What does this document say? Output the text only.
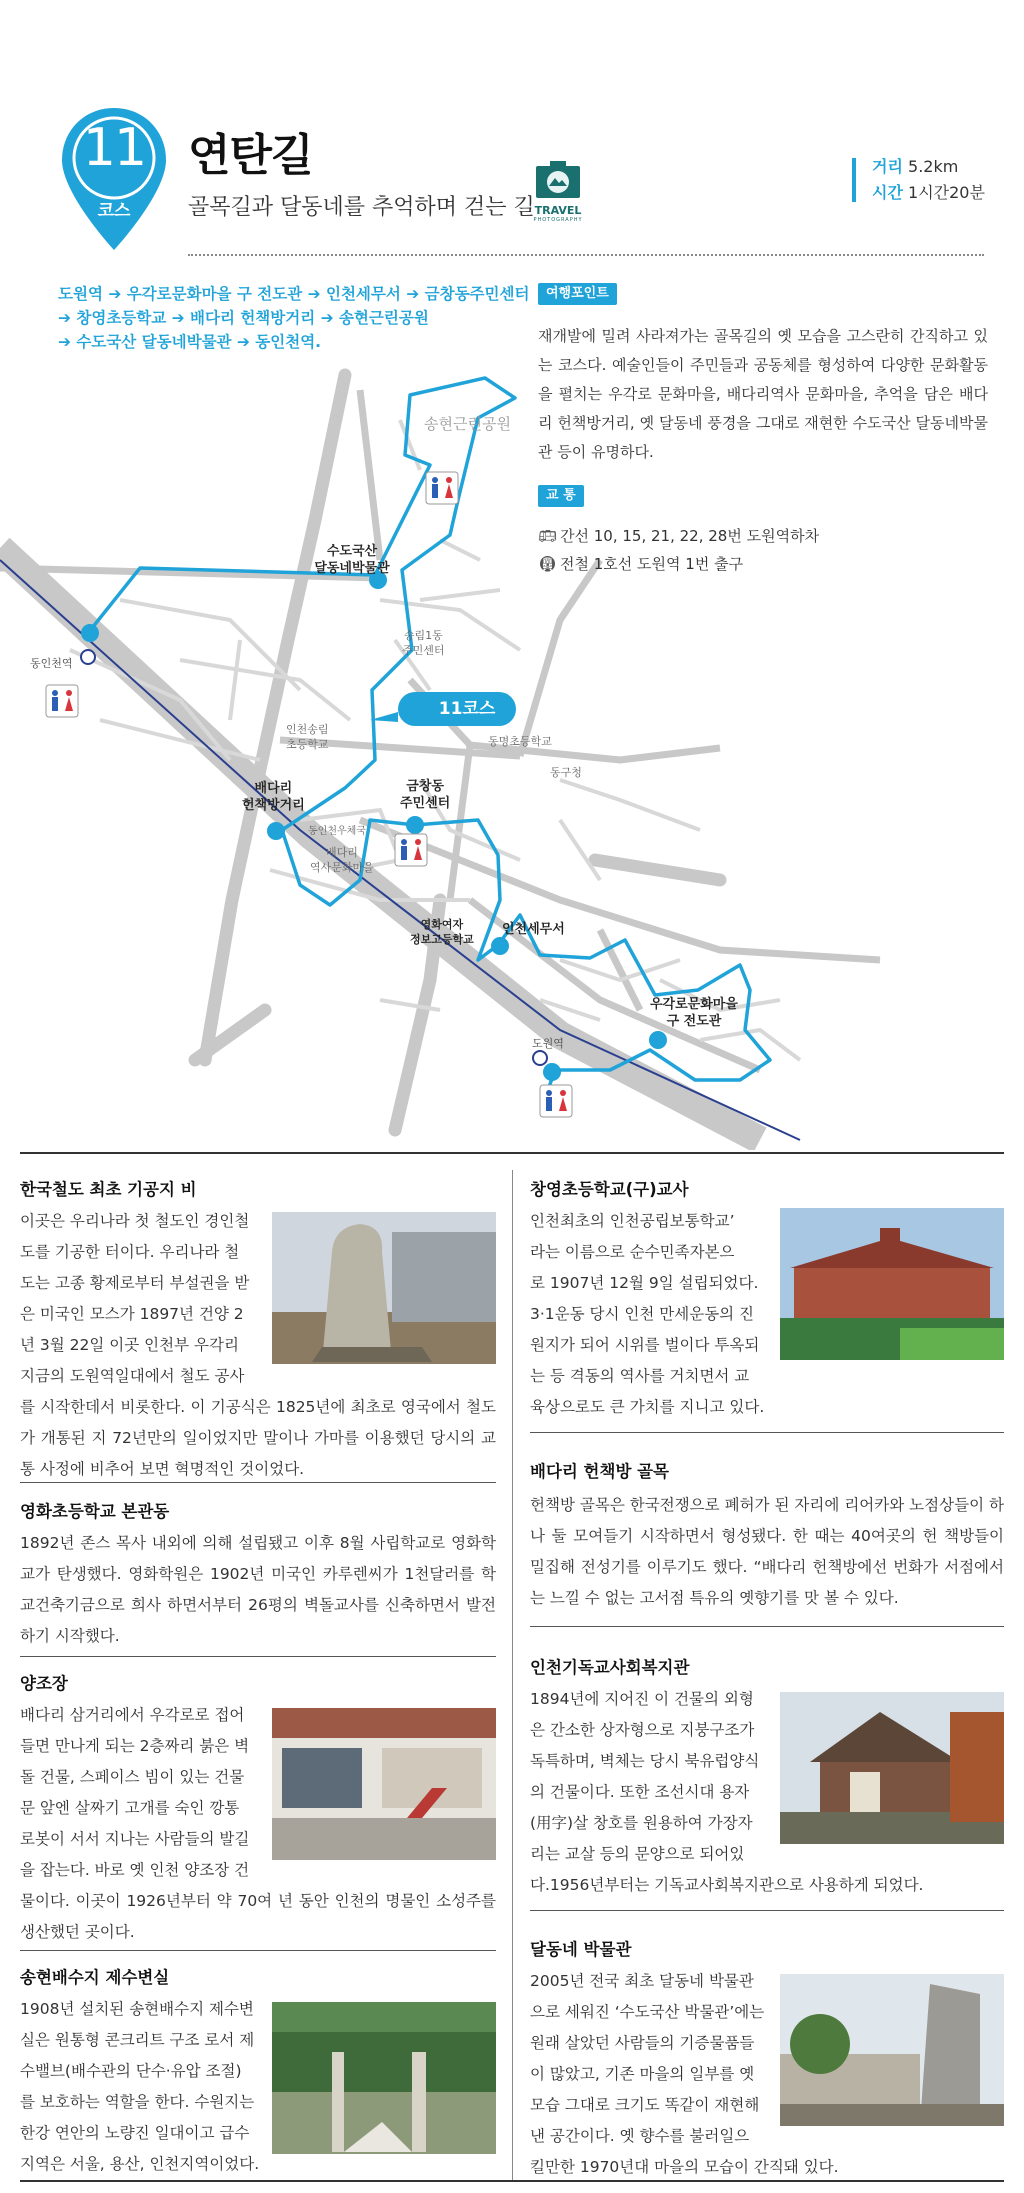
11
코스
연탄길
골목길과 달동네를 추억하며 걷는 길 TRAVEL
PHOTOGRAPHY
거리 5.2km
시간 1시간20분
도원역 ➔ 우각로문화마을 구 전도관 ➔ 인천세무서 ➔ 금창동주민센터
➔ 창영초등학교 ➔ 배다리 헌책방거리 ➔ 송현근린공원
➔ 수도국산 달동네박물관 ➔ 동인천역.
송현근린공원
수도국산
달동네박물관
송림1동
주민센터
동인천역
인천송림
초등학교
11코스
동명초등학교
동구청
배다리
헌책방거리
금창동
주민센터
동인천우체국
배다리
역사문화마을
영화여자
정보고등학교
인천세무서
우각로문화마을
구 전도관
도원역
여행포인트
재개발에 밀려 사라져가는 골목길의 옛 모습을 고스란히 간직하고 있는 코스다. 예술인들이 주민들과 공동체를 형성하여 다양한 문화활동을 펼치는 우각로 문화마을, 배다리역사 문화마을, 추억을 담은 배다리 헌책방거리, 옛 달동네 풍경을 그대로 재현한 수도국산 달동네박물관 등이 유명하다.
교 통
🚌︎ 간선 10, 15, 21, 22, 28번 도원역하차
🚇︎ 전철 1호선 도원역 1번 출구
한국철도 최초 기공지 비
이곳은 우리나라 첫 철도인 경인철
도를 기공한 터이다. 우리나라 철
도는 고종 황제로부터 부설권을 받
은 미국인 모스가 1897년 건양 2
년 3월 22일 이곳 인천부 우각리
지금의 도원역일대에서 철도 공사
를 시작한데서 비롯한다. 이 기공식은 1825년에 최초로 영국에서 철도가 개통된 지 72년만의 일이었지만 말이나 가마를 이용했던 당시의 교통 사정에 비추어 보면 혁명적인 것이었다.
영화초등학교 본관동
1892년 존스 목사 내외에 의해 설립됐고 이후 8월 사립학교로 영화학교가 탄생했다. 영화학원은 1902년 미국인 카루렌씨가 1천달러를 학교건축기금으로 희사 하면서부터 26평의 벽돌교사를 신축하면서 발전하기 시작했다.
양조장
배다리 삼거리에서 우각로로 접어
들면 만나게 되는 2층짜리 붉은 벽
돌 건물, 스페이스 빔이 있는 건물
문 앞엔 살짜기 고개를 숙인 깡통
로봇이 서서 지나는 사람들의 발길
을 잡는다. 바로 옛 인천 양조장 건
물이다. 이곳이 1926년부터 약 70여 년 동안 인천의 명물인 소성주를 생산했던 곳이다.
송현배수지 제수변실
1908년 설치된 송현배수지 제수변
실은 원통형 콘크리트 구조 로서 제
수밸브(배수관의 단수·유압 조절)
를 보호하는 역할을 한다. 수원지는
한강 연안의 노량진 일대이고 급수
지역은 서울, 용산, 인천지역이었다.
창영초등학교(구)교사
인천최초의 인천공립보통학교’
라는 이름으로 순수민족자본으
로 1907년 12월 9일 설립되었다.
3·1운동 당시 인천 만세운동의 진
원지가 되어 시위를 벌이다 투옥되
는 등 격동의 역사를 거치면서 교
육상으로도 큰 가치를 지니고 있다.
배다리 헌책방 골목
헌책방 골목은 한국전쟁으로 폐허가 된 자리에 리어카와 노점상들이 하나 둘 모여들기 시작하면서 형성됐다. 한 때는 40여곳의 헌 책방들이 밀집해 전성기를 이루기도 했다. “배다리 헌책방에선 번화가 서점에서는 느낄 수 없는 고서점 특유의 옛향기를 맛 볼 수 있다.
인천기독교사회복지관
1894년에 지어진 이 건물의 외형
은 간소한 상자형으로 지붕구조가
독특하며, 벽체는 당시 북유럽양식
의 건물이다. 또한 조선시대 용자
(用字)살 창호를 원용하여 가장자
리는 교살 등의 문양으로 되어있
다.1956년부터는 기독교사회복지관으로 사용하게 되었다.
달동네 박물관
2005년 전국 최초 달동네 박물관
으로 세워진 ‘수도국산 박물관’에는
원래 살았던 사람들의 기증물품들
이 많았고, 기존 마을의 일부를 옛
모습 그대로 크기도 똑같이 재현해
낸 공간이다. 옛 향수를 불러일으
킬만한 1970년대 마을의 모습이 간직돼 있다.
